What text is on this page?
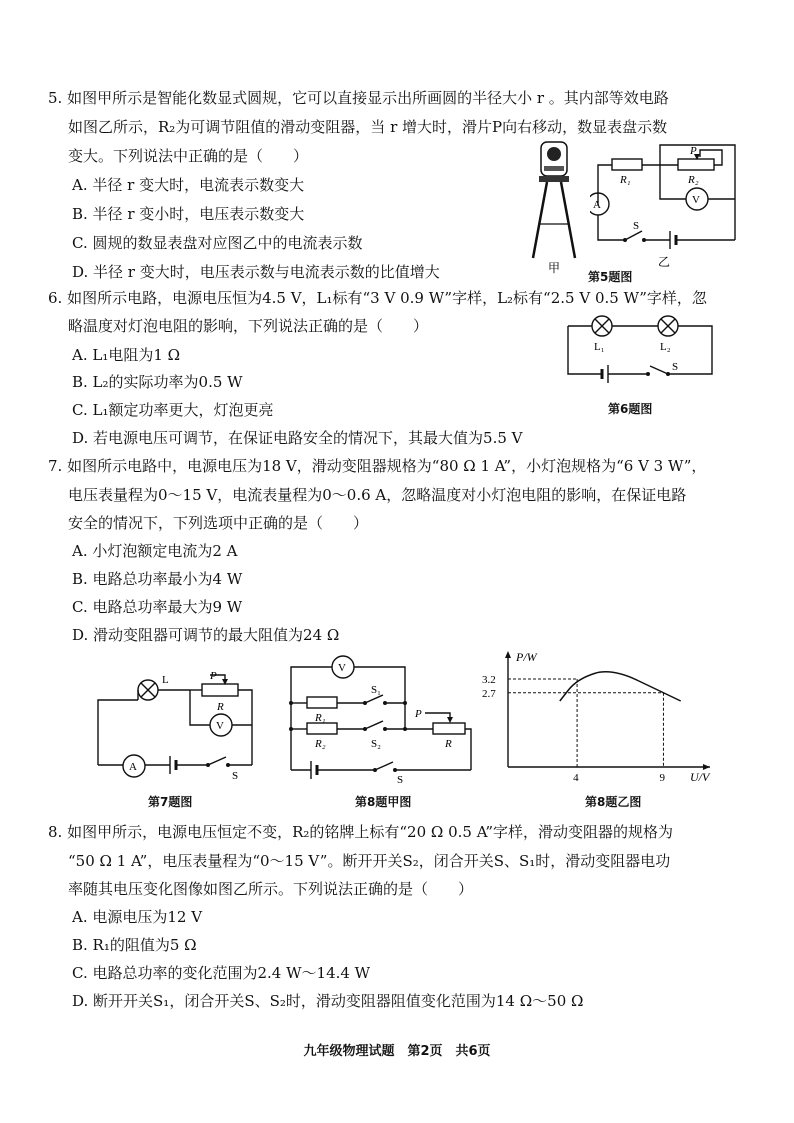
5. 如图甲所示是智能化数显式圆规，它可以直接显示出所画圆的半径大小 r 。其内部等效电路
如图乙所示，R₂为可调节阻值的滑动变阻器，当 r 增大时，滑片P向右移动，数显表盘示数
变大。下列说法中正确的是（　　）
A. 半径 r 变大时，电流表示数变大
B. 半径 r 变小时，电压表示数变大
C. 圆规的数显表盘对应图乙中的电流表示数
D. 半径 r 变大时，电压表示数与电流表示数的比值增大	甲
R₁	R₂
P
V
A
S
乙
第5题图
6. 如图所示电路，电源电压恒为4.5 V，L₁标有“3 V 0.9 W”字样，L₂标有“2.5 V 0.5 W”字样，忽
略温度对灯泡电阻的影响，下列说法正确的是（　　）
A. L₁电阻为1 Ω
B. L₂的实际功率为0.5 W
C. L₁额定功率更大，灯泡更亮
D. 若电源电压可调节，在保证电路安全的情况下，其最大值为5.5 V
L₁	L₂
S
第6题图
7. 如图所示电路中，电源电压为18 V，滑动变阻器规格为“80 Ω 1 A”，小灯泡规格为“6 V 3 W”，
电压表量程为0～15 V，电流表量程为0～0.6 A，忽略温度对小灯泡电阻的影响，在保证电路
安全的情况下，下列选项中正确的是（　　）
A. 小灯泡额定电流为2 A
B. 电路总功率最小为4 W
C. 电路总功率最大为9 W
D. 滑动变阻器可调节的最大阻值为24 Ω
L	P
R
V
A
S
第7题图
V
R₁
R₂
S₁
S₂
P
R
S
第8题甲图
P/W
U/V
4	9
2.7
3.2
第8题乙图
8. 如图甲所示，电源电压恒定不变，R₂的铭牌上标有“20 Ω 0.5 A”字样，滑动变阻器的规格为
“50 Ω 1 A”，电压表量程为“0～15 V”。断开开关S₂，闭合开关S、S₁时，滑动变阻器电功
率随其电压变化图像如图乙所示。下列说法正确的是（　　）
A. 电源电压为12 V
B. R₁的阻值为5 Ω
C. 电路总功率的变化范围为2.4 W～14.4 W
D. 断开开关S₁，闭合开关S、S₂时，滑动变阻器阻值变化范围为14 Ω～50 Ω
九年级物理试题　第2页　共6页
